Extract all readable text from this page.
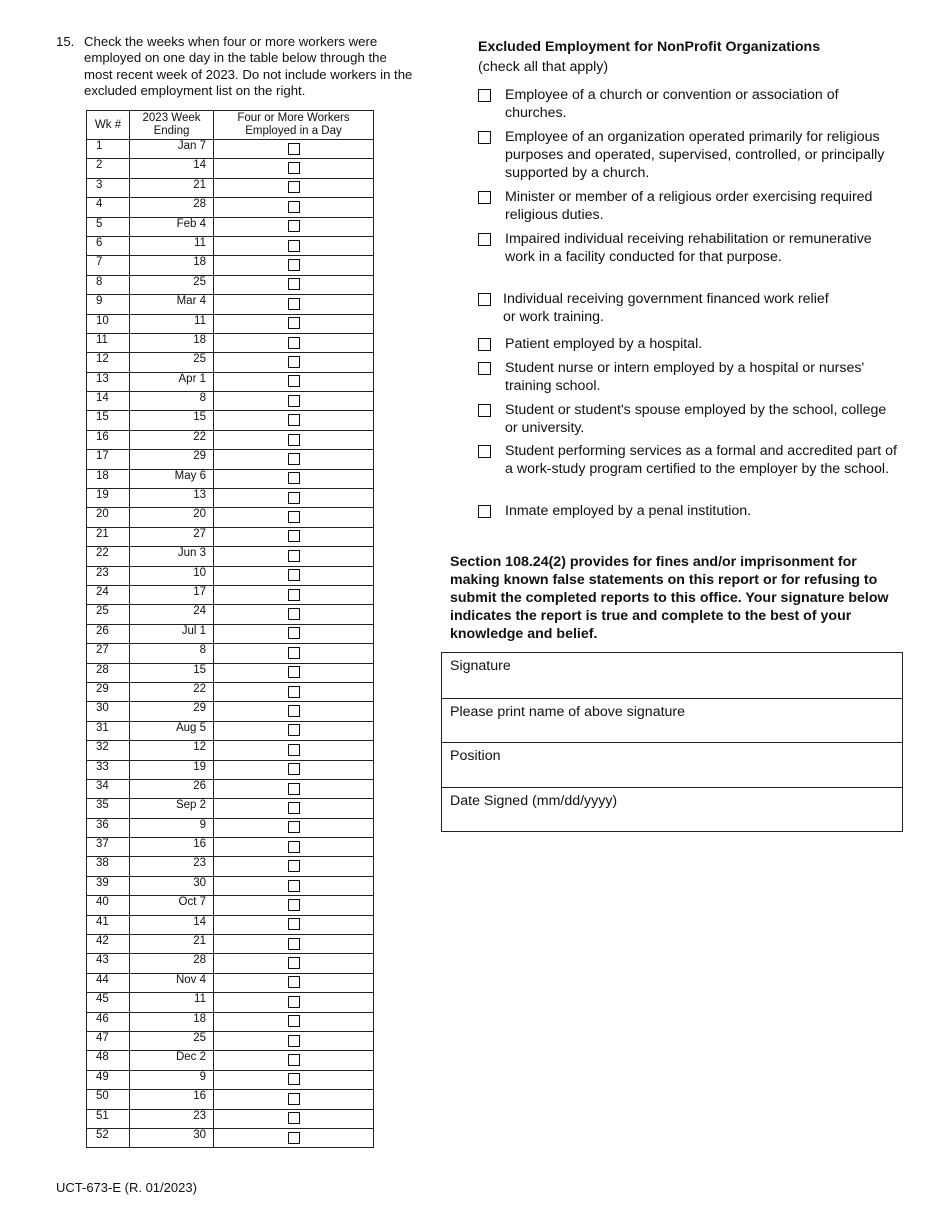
15. Check the weeks when four or more workers were employed on one day in the table below through the most recent week of 2023. Do not include workers in the excluded employment list on the right.
Wk #	2023 Week Ending	Four or More Workers Employed in a Day
1	Jan 7	
2	14	
3	21	
4	28	
5	Feb 4	
6	11	
7	18	
8	25	
9	Mar 4	
10	11	
11	18	
12	25	
13	Apr 1	
14	8	
15	15	
16	22	
17	29	
18	May 6	
19	13	
20	20	
21	27	
22	Jun 3	
23	10	
24	17	
25	24	
26	Jul 1	
27	8	
28	15	
29	22	
30	29	
31	Aug 5	
32	12	
33	19	
34	26	
35	Sep 2	
36	9	
37	16	
38	23	
39	30	
40	Oct 7	
41	14	
42	21	
43	28	
44	Nov 4	
45	11	
46	18	
47	25	
48	Dec 2	
49	9	
50	16	
51	23	
52	30	
Excluded Employment for NonProfit Organizations
(check all that apply)
Employee of a church or convention or association of churches.
Employee of an organization operated primarily for religious purposes and operated, supervised, controlled, or principally supported by a church.
Minister or member of a religious order exercising required religious duties.
Impaired individual receiving rehabilitation or remunerative work in a facility conducted for that purpose.
Individual receiving government financed work relief or work training.
Patient employed by a hospital.
Student nurse or intern employed by a hospital or nurses' training school.
Student or student's spouse employed by the school, college or university.
Student performing services as a formal and accredited part of a work-study program certified to the employer by the school.
Inmate employed by a penal institution.
Section 108.24(2) provides for fines and/or imprisonment for making known false statements on this report or for refusing to submit the completed reports to this office. Your signature below indicates the report is true and complete to the best of your knowledge and belief.
Signature
Please print name of above signature
Position
Date Signed (mm/dd/yyyy)
UCT-673-E (R. 01/2023)
